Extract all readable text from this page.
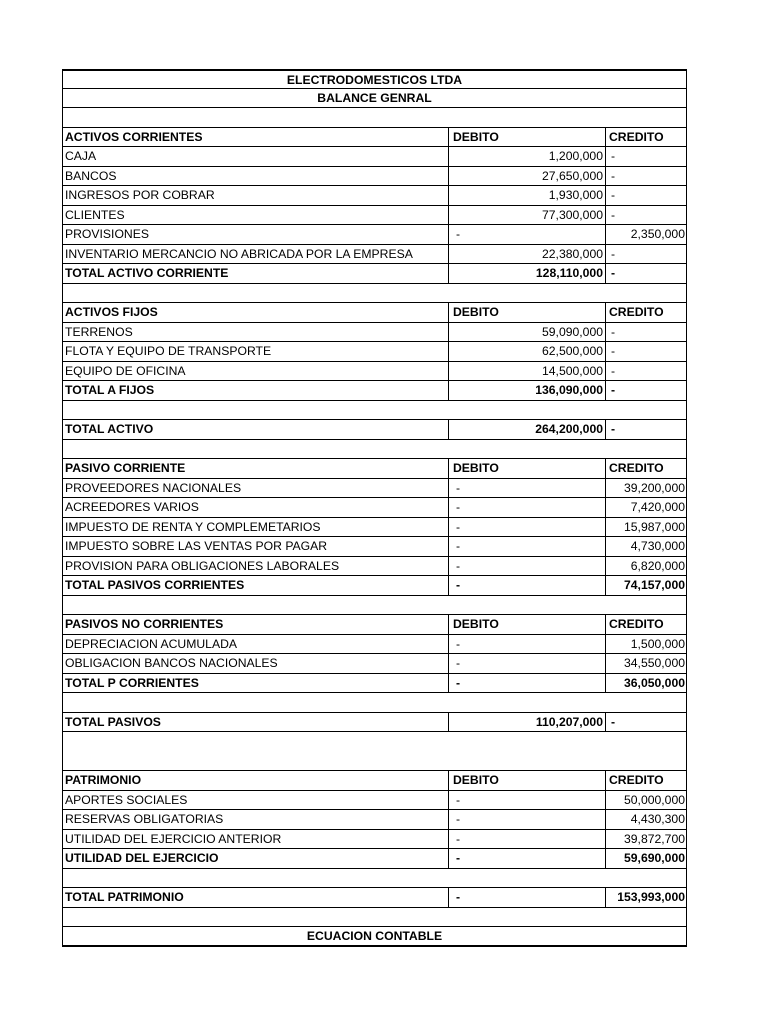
ELECTRODOMESTICOS LTDA
BALANCE GENRAL
ACTIVOS CORRIENTES	DEBITO	CREDITO
CAJA	1,200,000 -
BANCOS	27,650,000 -
INGRESOS POR COBRAR	1,930,000 -
CLIENTES	77,300,000 -
PROVISIONES	-	2,350,000
INVENTARIO MERCANCIO NO ABRICADA POR LA EMPRESA	22,380,000 -
TOTAL ACTIVO CORRIENTE	128,110,000 -
ACTIVOS FIJOS	DEBITO	CREDITO
TERRENOS	59,090,000 -
FLOTA Y EQUIPO DE TRANSPORTE	62,500,000 -
EQUIPO DE OFICINA	14,500,000 -
TOTAL A FIJOS	136,090,000 -
TOTAL ACTIVO	264,200,000 -
PASIVO CORRIENTE	DEBITO	CREDITO
PROVEEDORES NACIONALES	-	39,200,000
ACREEDORES VARIOS	-	7,420,000
IMPUESTO DE RENTA Y COMPLEMETARIOS	-	15,987,000
IMPUESTO SOBRE LAS VENTAS POR PAGAR	-	4,730,000
PROVISION PARA OBLIGACIONES LABORALES	-	6,820,000
TOTAL PASIVOS CORRIENTES	-	74,157,000
PASIVOS NO CORRIENTES	DEBITO	CREDITO
DEPRECIACION ACUMULADA	-	1,500,000
OBLIGACION BANCOS NACIONALES	-	34,550,000
TOTAL P CORRIENTES	-	36,050,000
TOTAL PASIVOS	110,207,000 -
PATRIMONIO	DEBITO	CREDITO
APORTES SOCIALES	-	50,000,000
RESERVAS OBLIGATORIAS	-	4,430,300
UTILIDAD DEL EJERCICIO ANTERIOR	-	39,872,700
UTILIDAD DEL EJERCICIO	-	59,690,000
TOTAL PATRIMONIO	-	153,993,000
ECUACION CONTABLE
